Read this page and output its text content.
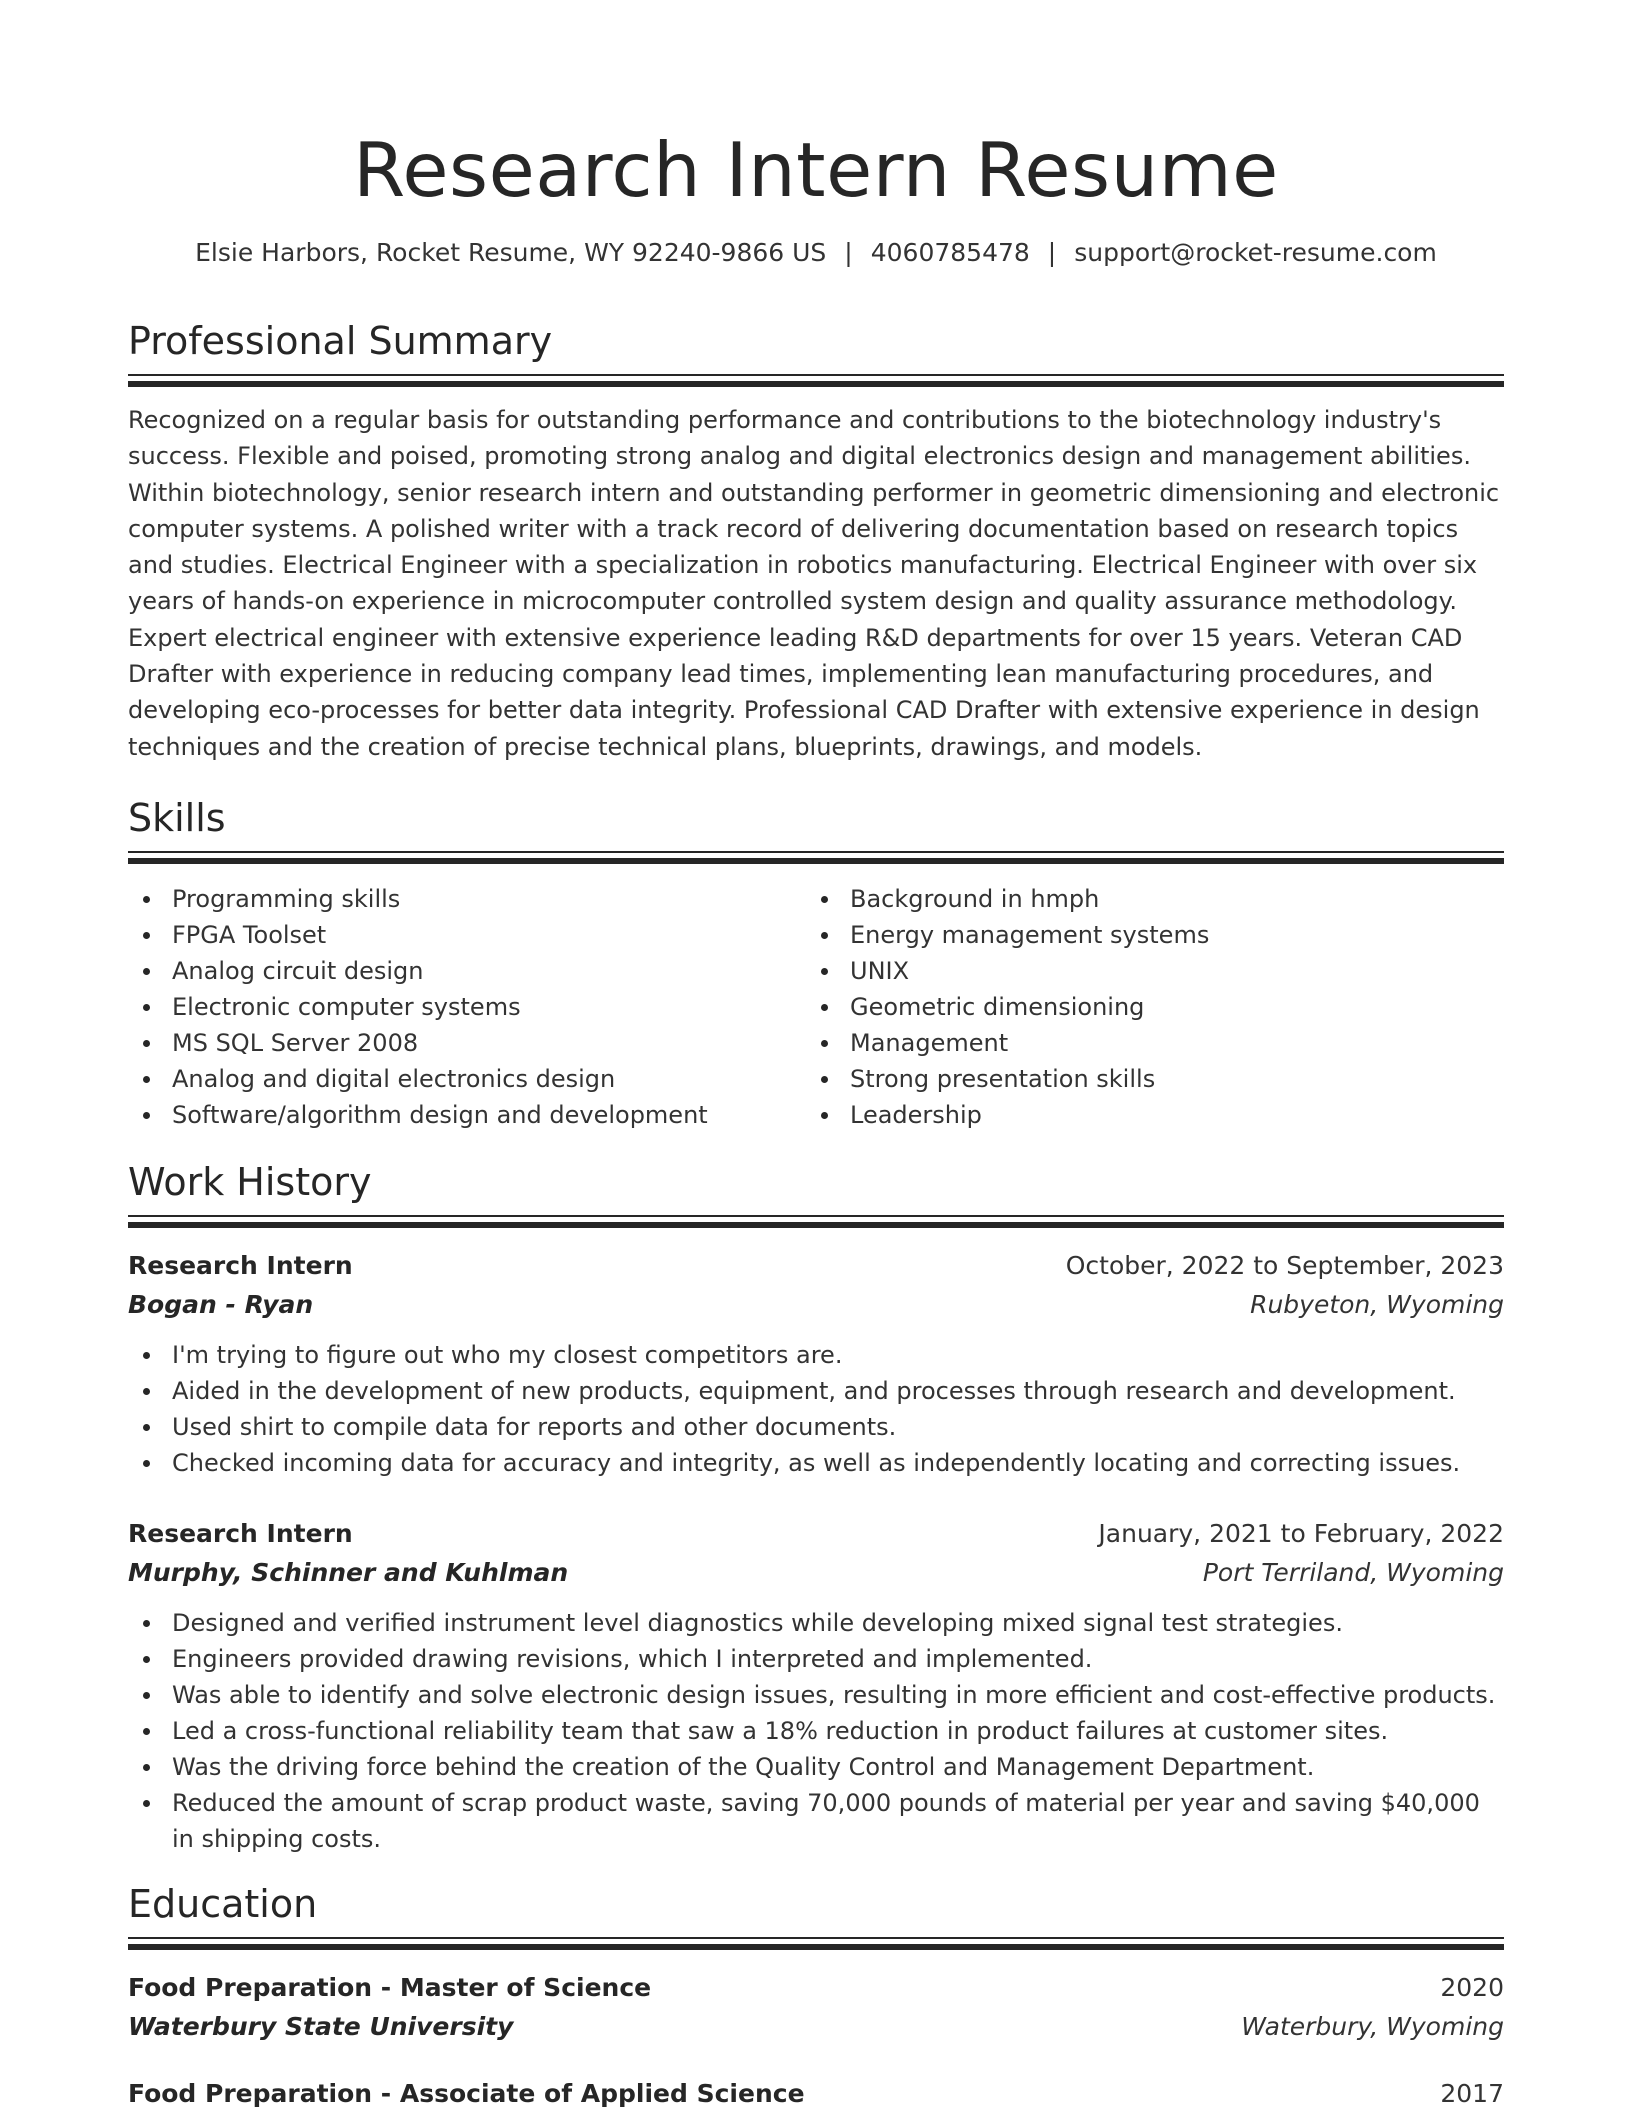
Research Intern Resume
Elsie Harbors, Rocket Resume, WY 92240-9866 US | 4060785478 | support@rocket-resume.com
Professional Summary

Recognized on a regular basis for outstanding performance and contributions to the biotechnology industry's success. Flexible and poised, promoting strong analog and digital electronics design and management abilities. Within biotechnology, senior research intern and outstanding performer in geometric dimensioning and electronic computer systems. A polished writer with a track record of delivering documentation based on research topics and studies. Electrical Engineer with a specialization in robotics manufacturing. Electrical Engineer with over six years of hands-on experience in microcomputer controlled system design and quality assurance methodology. Expert electrical engineer with extensive experience leading R&D departments for over 15 years. Veteran CAD Drafter with experience in reducing company lead times, implementing lean manufacturing procedures, and developing eco-processes for better data integrity. Professional CAD Drafter with extensive experience in design techniques and the creation of precise technical plans, blueprints, drawings, and models.

Skills
Programming skills
FPGA Toolset
Analog circuit design
Electronic computer systems
MS SQL Server 2008
Analog and digital electronics design
Software/algorithm design and development
Background in hmph
Energy management systems
UNIX
Geometric dimensioning
Management
Strong presentation skills
Leadership
Work History
Research Intern	October, 2022 to September, 2023
Bogan - Ryan	Rubyeton, Wyoming
I'm trying to figure out who my closest competitors are.
Aided in the development of new products, equipment, and processes through research and development.
Used shirt to compile data for reports and other documents.
Checked incoming data for accuracy and integrity, as well as independently locating and correcting issues.
Research Intern	January, 2021 to February, 2022
Murphy, Schinner and Kuhlman	Port Terriland, Wyoming
Designed and verified instrument level diagnostics while developing mixed signal test strategies.
Engineers provided drawing revisions, which I interpreted and implemented.
Was able to identify and solve electronic design issues, resulting in more efficient and cost-effective products.
Led a cross-functional reliability team that saw a 18% reduction in product failures at customer sites.
Was the driving force behind the creation of the Quality Control and Management Department.
Reduced the amount of scrap product waste, saving 70,000 pounds of material per year and saving $40,000 in shipping costs.
Education
Food Preparation - Master of Science	2020
Waterbury State University	Waterbury, Wyoming
Food Preparation - Associate of Applied Science	2017
